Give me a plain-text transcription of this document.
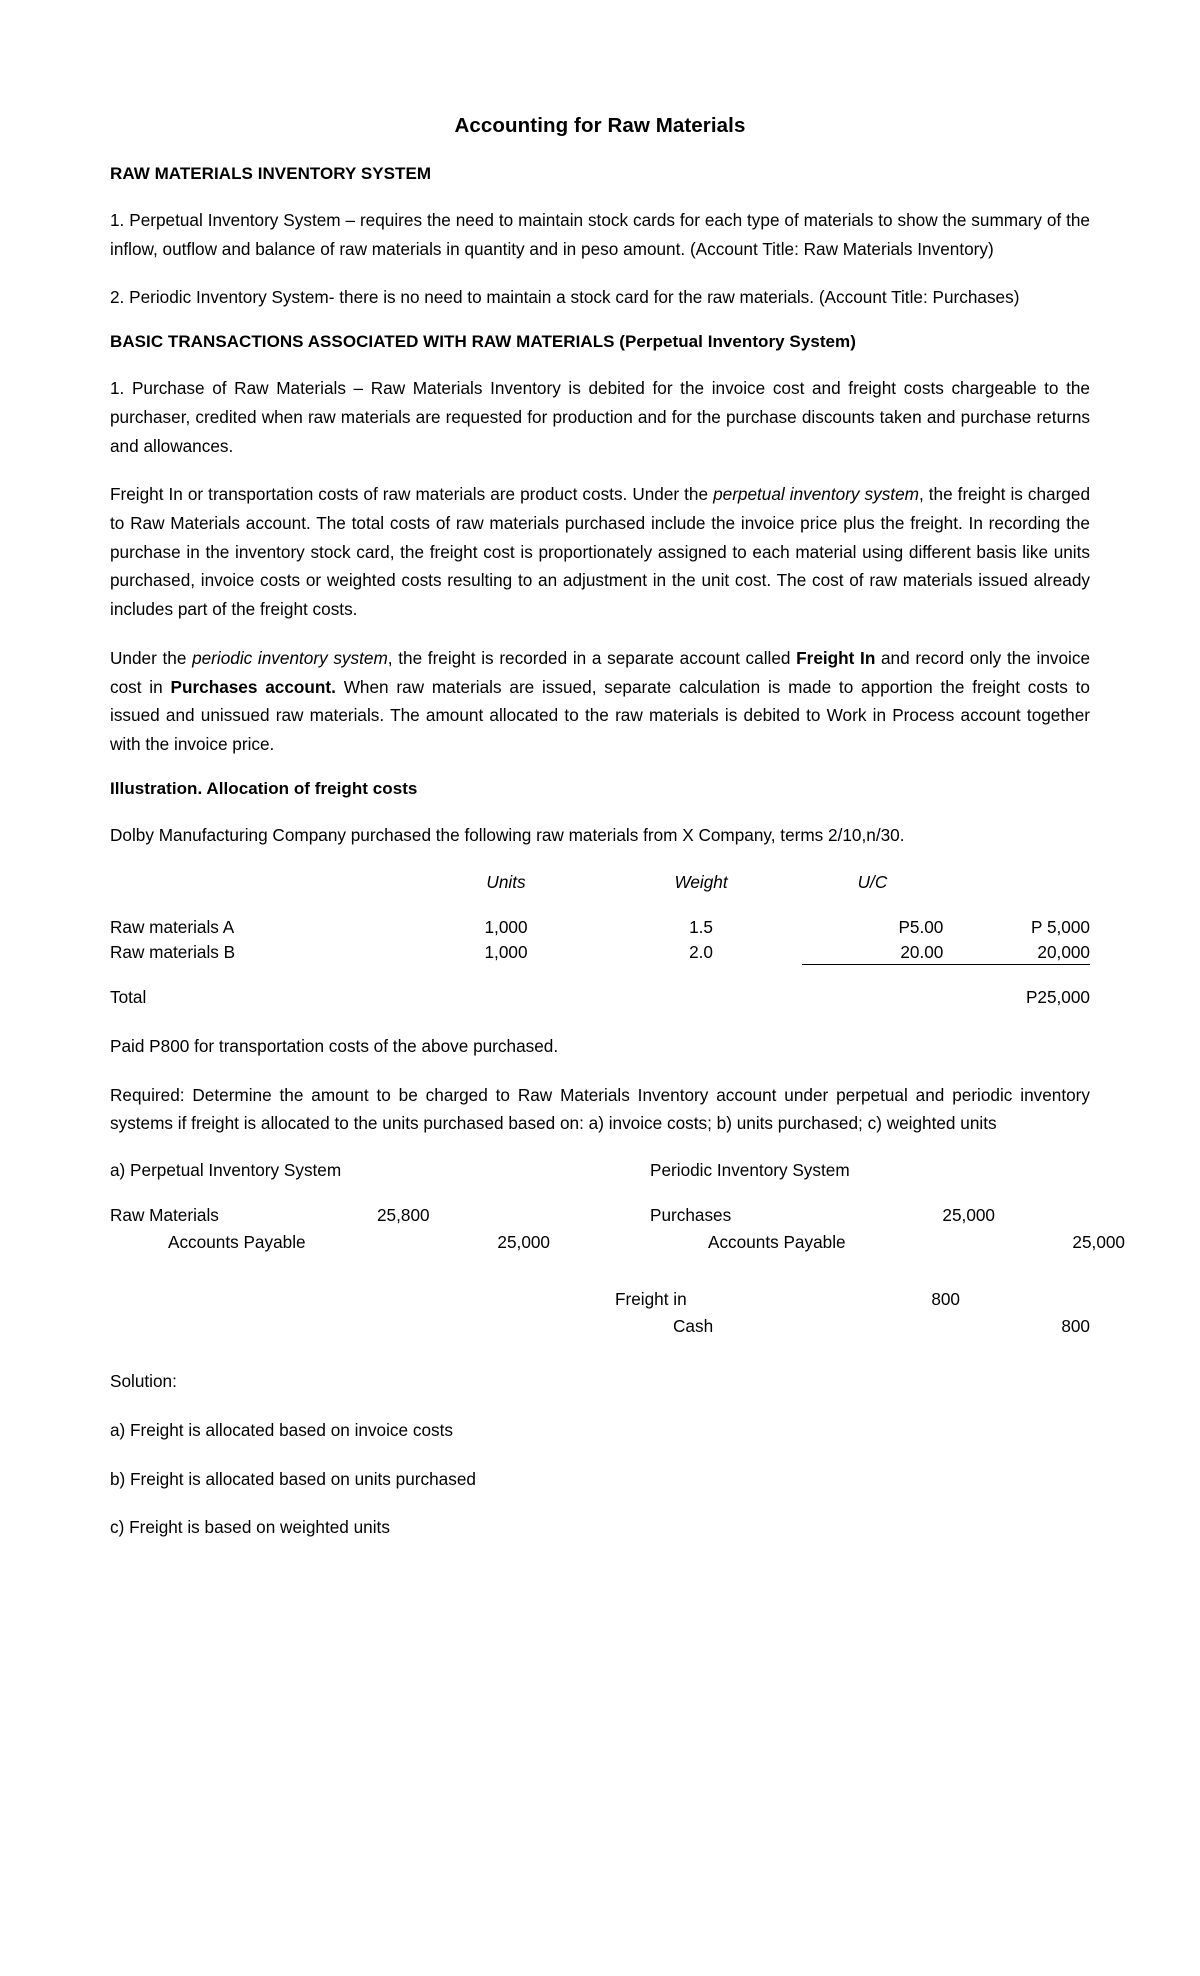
Accounting for Raw Materials
RAW MATERIALS INVENTORY SYSTEM

1. Perpetual Inventory System – requires the need to maintain stock cards for each type of materials to show the summary of the inflow, outflow and balance of raw materials in quantity and in peso amount. (Account Title: Raw Materials Inventory)

2. Periodic Inventory System- there is no need to maintain a stock card for the raw materials. (Account Title: Purchases)

BASIC TRANSACTIONS ASSOCIATED WITH RAW MATERIALS (Perpetual Inventory System)

1. Purchase of Raw Materials – Raw Materials Inventory is debited for the invoice cost and freight costs chargeable to the purchaser, credited when raw materials are requested for production and for the purchase discounts taken and purchase returns and allowances.

Freight In or transportation costs of raw materials are product costs. Under the perpetual inventory system, the freight is charged to Raw Materials account. The total costs of raw materials purchased include the invoice price plus the freight. In recording the purchase in the inventory stock card, the freight cost is proportionately assigned to each material using different basis like units purchased, invoice costs or weighted costs resulting to an adjustment in the unit cost. The cost of raw materials issued already includes part of the freight costs.

Under the periodic inventory system, the freight is recorded in a separate account called Freight In and record only the invoice cost in Purchases account. When raw materials are issued, separate calculation is made to apportion the freight costs to issued and unissued raw materials. The amount allocated to the raw materials is debited to Work in Process account together with the invoice price.

Illustration. Allocation of freight costs

Dolby Manufacturing Company purchased the following raw materials from X Company, terms 2/10,n/30.

	Units	Weight	U/C	
Raw materials A	1,000	1.5	P5.00	P 5,000
Raw materials B	1,000	2.0	20.00	20,000
Total				P25,000

Paid P800 for transportation costs of the above purchased.

Required: Determine the amount to be charged to Raw Materials Inventory account under perpetual and periodic inventory systems if freight is allocated to the units purchased based on: a) invoice costs; b) units purchased; c) weighted units

a) Perpetual Inventory System	Periodic Inventory System
Raw Materials	25,800	Purchases	25,000
Accounts Payable	25,000	Accounts Payable	25,000
Freight in	800
Cash	800
Solution:
a) Freight is allocated based on invoice costs
b) Freight is allocated based on units purchased
c) Freight is based on weighted units
